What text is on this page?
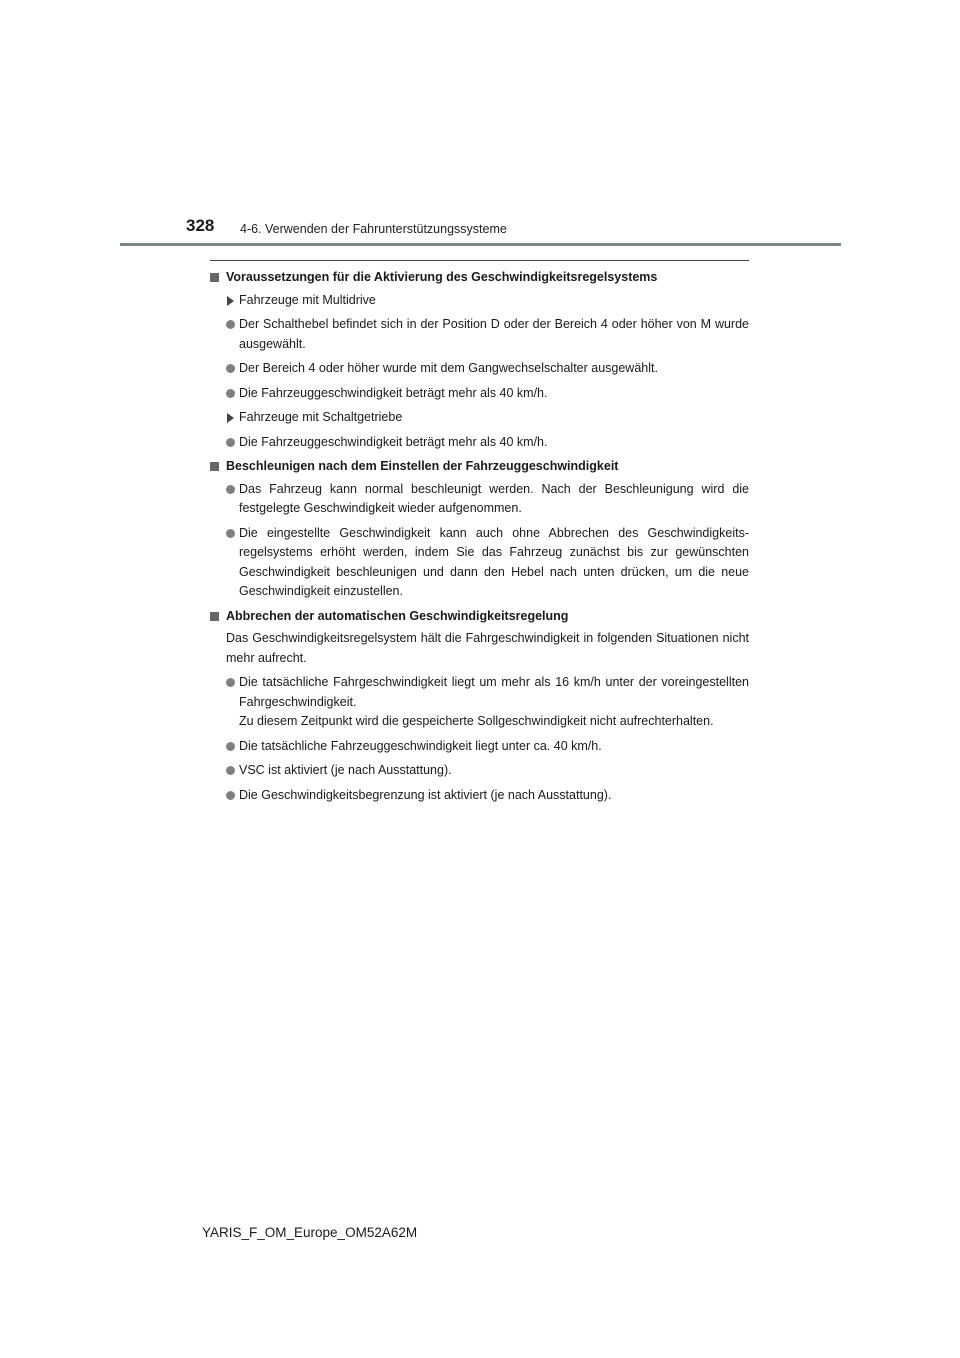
328 4-6. Verwenden der Fahrunterstützungssysteme
Voraussetzungen für die Aktivierung des Geschwindigkeitsregelsystems
Fahrzeuge mit Multidrive
Der Schalthebel befindet sich in der Position D oder der Bereich 4 oder höher von M wurde ausgewählt.
Der Bereich 4 oder höher wurde mit dem Gangwechselschalter ausgewählt.
Die Fahrzeuggeschwindigkeit beträgt mehr als 40 km/h.
Fahrzeuge mit Schaltgetriebe
Die Fahrzeuggeschwindigkeit beträgt mehr als 40 km/h.
Beschleunigen nach dem Einstellen der Fahrzeuggeschwindigkeit
Das Fahrzeug kann normal beschleunigt werden. Nach der Beschleunigung wird die festgelegte Geschwindigkeit wieder aufgenommen.
Die eingestellte Geschwindigkeit kann auch ohne Abbrechen des Geschwindigkeitsregelsystems erhöht werden, indem Sie das Fahrzeug zunächst bis zur gewünschten Geschwindigkeit beschleunigen und dann den Hebel nach unten drücken, um die neue Geschwindigkeit einzustellen.
Abbrechen der automatischen Geschwindigkeitsregelung
Das Geschwindigkeitsregelsystem hält die Fahrgeschwindigkeit in folgenden Situationen nicht mehr aufrecht.
Die tatsächliche Fahrgeschwindigkeit liegt um mehr als 16 km/h unter der voreingestellten Fahrgeschwindigkeit.
Zu diesem Zeitpunkt wird die gespeicherte Sollgeschwindigkeit nicht aufrechterhalten.
Die tatsächliche Fahrzeuggeschwindigkeit liegt unter ca. 40 km/h.
VSC ist aktiviert (je nach Ausstattung).
Die Geschwindigkeitsbegrenzung ist aktiviert (je nach Ausstattung).
YARIS_F_OM_Europe_OM52A62M
